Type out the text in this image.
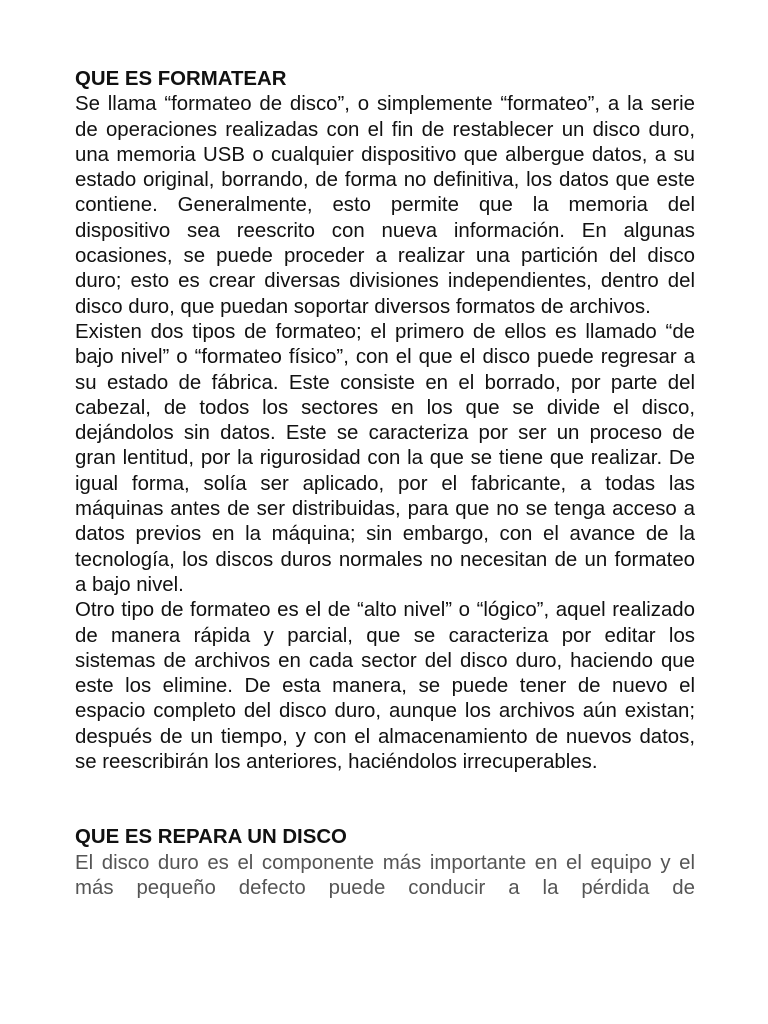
QUE ES FORMATEAR

Se llama “formateo de disco”, o simplemente “formateo”, a la serie de operaciones realizadas con el fin de restablecer un disco duro, una memoria USB o cualquier dispositivo que albergue datos, a su estado original, borrando, de forma no definitiva, los datos que este contiene. Generalmente, esto permite que la memoria del dispositivo sea reescrito con nueva información. En algunas ocasiones, se puede proceder a realizar una partición del disco duro; esto es crear diversas divisiones independientes, dentro del disco duro, que puedan soportar diversos formatos de archivos.

Existen dos tipos de formateo; el primero de ellos es llamado “de bajo nivel” o “formateo físico”, con el que el disco puede regresar a su estado de fábrica. Este consiste en el borrado, por parte del cabezal, de todos los sectores en los que se divide el disco, dejándolos sin datos. Este se caracteriza por ser un proceso de gran lentitud, por la rigurosidad con la que se tiene que realizar. De igual forma, solía ser aplicado, por el fabricante, a todas las máquinas antes de ser distribuidas, para que no se tenga acceso a datos previos en la máquina; sin embargo, con el avance de la tecnología, los discos duros normales no necesitan de un formateo a bajo nivel.

Otro tipo de formateo es el de “alto nivel” o “lógico”, aquel realizado de manera rápida y parcial, que se caracteriza por editar los sistemas de archivos en cada sector del disco duro, haciendo que este los elimine. De esta manera, se puede tener de nuevo el espacio completo del disco duro, aunque los archivos aún existan; después de un tiempo, y con el almacenamiento de nuevos datos, se reescribirán los anteriores, haciéndolos irrecuperables.

QUE ES REPARA UN DISCO

El disco duro es el componente más importante en el equipo y el más pequeño defecto puede conducir a la pérdida de
